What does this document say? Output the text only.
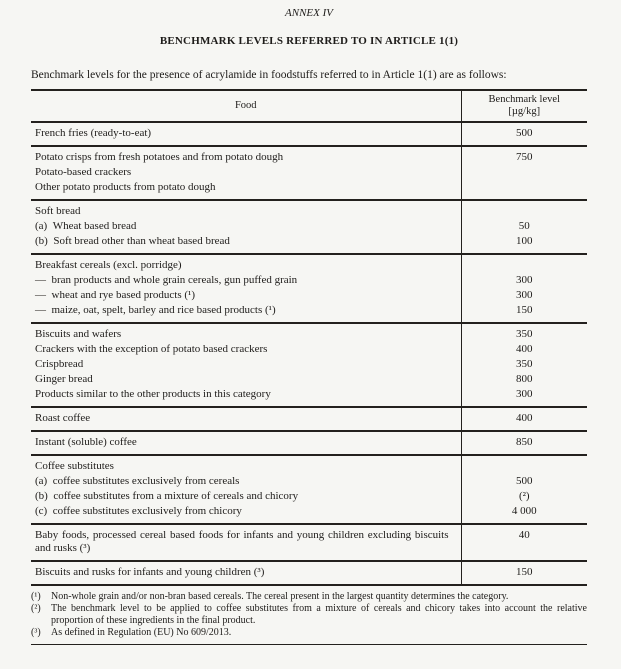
ANNEX IV
BENCHMARK LEVELS REFERRED TO IN ARTICLE 1(1)

Benchmark levels for the presence of acrylamide in foodstuffs referred to in Article 1(1) are as follows:

Food	Benchmark level
[µg/kg]
French fries (ready-to-eat)	500
Potato crisps from fresh potatoes and from potato dough	750
Potato-based crackers	
Other potato products from potato dough	
Soft bread	
(a) Wheat based bread	50
(b) Soft bread other than wheat based bread	100
Breakfast cereals (excl. porridge)	
— bran products and whole grain cereals, gun puffed grain	300
— wheat and rye based products (¹)	300
— maize, oat, spelt, barley and rice based products (¹)	150
Biscuits and wafers	350
Crackers with the exception of potato based crackers	400
Crispbread	350
Ginger bread	800
Products similar to the other products in this category	300
Roast coffee	400
Instant (soluble) coffee	850
Coffee substitutes	
(a) coffee substitutes exclusively from cereals	500
(b) coffee substitutes from a mixture of cereals and chicory	(²)
(c) coffee substitutes exclusively from chicory	4 000
Baby foods, processed cereal based foods for infants and young children excluding biscuits and rusks (³)	40
Biscuits and rusks for infants and young children (³)	150
(¹)	Non-whole grain and/or non-bran based cereals. The cereal present in the largest quantity determines the category.
(²)	The benchmark level to be applied to coffee substitutes from a mixture of cereals and chicory takes into account the relative proportion of these ingredients in the final product.
(³)	As defined in Regulation (EU) No 609/2013.
